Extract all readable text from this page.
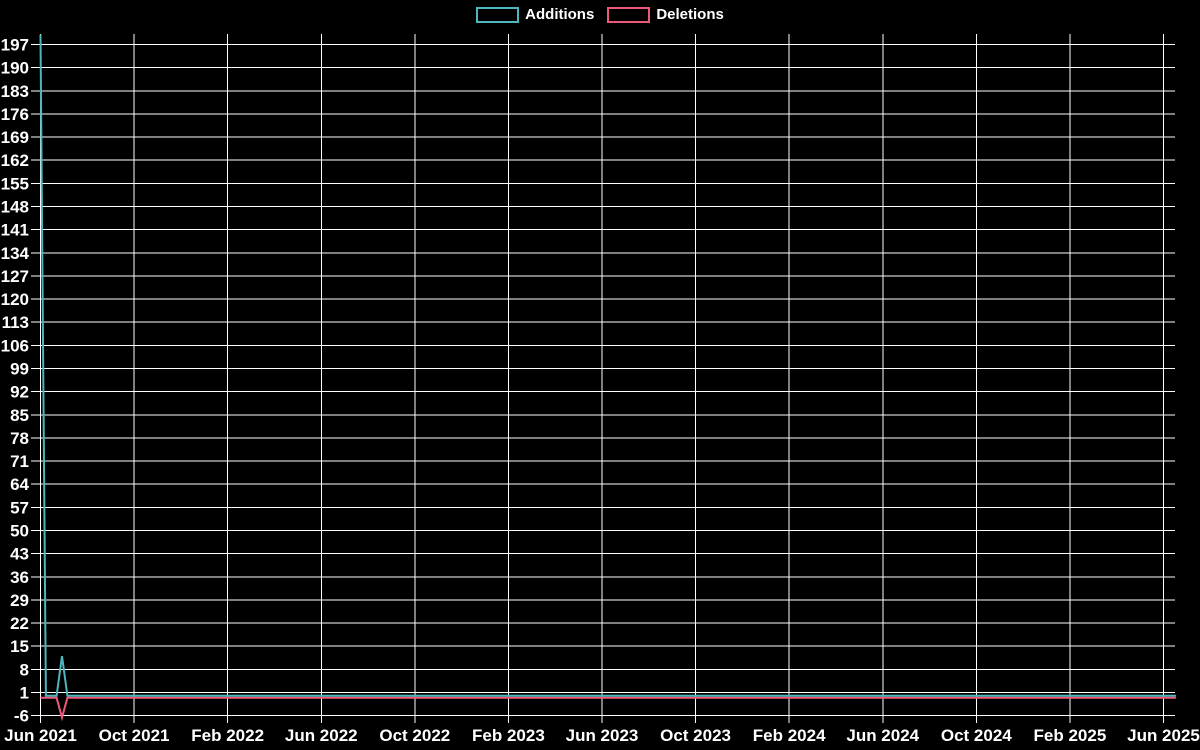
197
190
183
176
169
162
155
148
141
134
127
120
113
106
99
92
85
78
71
64
57
50
43
36
29
22
15
8
1
-6
Jun 2021 Oct 2021 Feb 2022 Jun 2022 Oct 2022 Feb 2023 Jun 2023 Oct 2023 Feb 2024 Jun 2024 Oct 2024 Feb 2025 Jun 2025
Additions	Deletions
